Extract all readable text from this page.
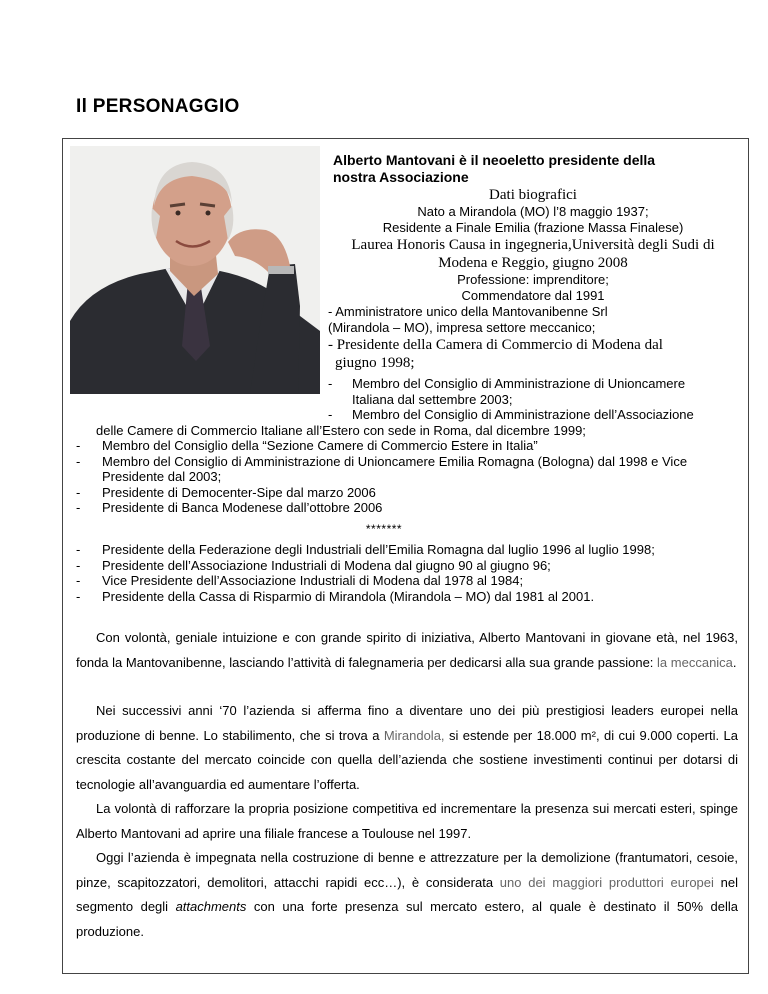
Il PERSONAGGIO
Alberto Mantovani è il neoeletto presidente della
nostra Associazione
Dati biografici
Nato a Mirandola (MO) l’8 maggio 1937;
Residente a Finale Emilia (frazione Massa Finalese)
Laurea Honoris Causa in ingegneria,Università degli Sudi di
Modena e Reggio, giugno 2008
Professione: imprenditore;
Commendatore dal 1991
- Amministratore unico della Mantovanibenne Srl
(Mirandola – MO), impresa settore meccanico;
- Presidente della Camera di Commercio di Modena dal
giugno 1998;
- Membro del Consiglio di Amministrazione di Unioncamere
Italiana dal settembre 2003;
- Membro del Consiglio di Amministrazione dell’Associazione
delle Camere di Commercio Italiane all’Estero con sede in Roma, dal dicembre 1999;
- Membro del Consiglio della “Sezione Camere di Commercio Estere in Italia”
- Membro del Consiglio di Amministrazione di Unioncamere Emilia Romagna (Bologna) dal 1998 e Vice Presidente dal 2003;
- Presidente di Democenter-Sipe dal marzo 2006
- Presidente di Banca Modenese dall’ottobre 2006
*******
- Presidente della Federazione degli Industriali dell’Emilia Romagna dal luglio 1996 al luglio 1998;
- Presidente dell’Associazione Industriali di Modena dal giugno 90 al giugno 96;
- Vice Presidente dell’Associazione Industriali di Modena dal 1978 al 1984;
- Presidente della Cassa di Risparmio di Mirandola (Mirandola – MO) dal 1981 al 2001.
Con volontà, geniale intuizione e con grande spirito di iniziativa, Alberto Mantovani in giovane età, nel 1963, fonda la Mantovanibenne, lasciando l’attività di falegnameria per dedicarsi alla sua grande passione: la meccanica.
Nei successivi anni ‘70 l’azienda si afferma fino a diventare uno dei più prestigiosi leaders europei nella produzione di benne. Lo stabilimento, che si trova a Mirandola, si estende per 18.000 m², di cui 9.000 coperti. La crescita costante del mercato coincide con quella dell’azienda che sostiene investimenti continui per dotarsi di tecnologie all’avanguardia ed aumentare l’offerta.
La volontà di rafforzare la propria posizione competitiva ed incrementare la presenza sui mercati esteri, spinge Alberto Mantovani ad aprire una filiale francese a Toulouse nel 1997.
Oggi l’azienda è impegnata nella costruzione di benne e attrezzature per la demolizione (frantumatori, cesoie, pinze, scapitozzatori, demolitori, attacchi rapidi ecc…), è considerata uno dei maggiori produttori europei nel segmento degli attachments con una forte presenza sul mercato estero, al quale è destinato il 50% della produzione.
